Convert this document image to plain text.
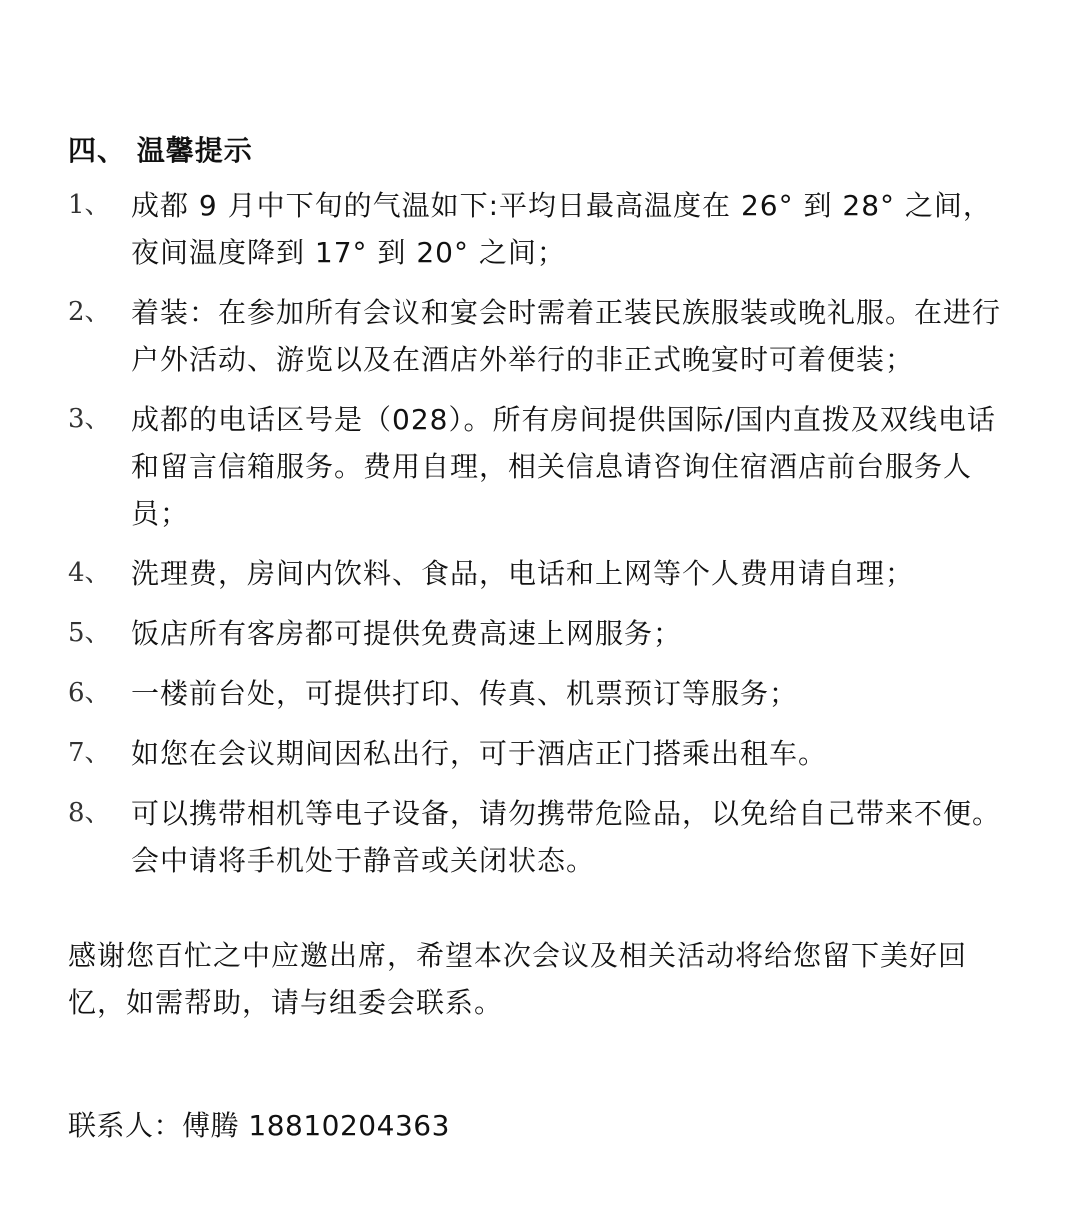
四、 温馨提示
1、 成都 9 月中下旬的气温如下:平均日最高温度在 26° 到 28° 之间，夜间温度降到 17° 到 20° 之间；
2、 着装：在参加所有会议和宴会时需着正装民族服装或晚礼服。在进行户外活动、游览以及在酒店外举行的非正式晚宴时可着便装；
3、 成都的电话区号是（028）。所有房间提供国际/国内直拨及双线电话和留言信箱服务。费用自理，相关信息请咨询住宿酒店前台服务人员；
4、 洗理费，房间内饮料、食品，电话和上网等个人费用请自理；
5、 饭店所有客房都可提供免费高速上网服务；
6、 一楼前台处，可提供打印、传真、机票预订等服务；
7、 如您在会议期间因私出行，可于酒店正门搭乘出租车。
8、 可以携带相机等电子设备，请勿携带危险品，以免给自己带来不便。会中请将手机处于静音或关闭状态。

感谢您百忙之中应邀出席，希望本次会议及相关活动将给您留下美好回忆，如需帮助，请与组委会联系。

联系人：傅腾 18810204363
